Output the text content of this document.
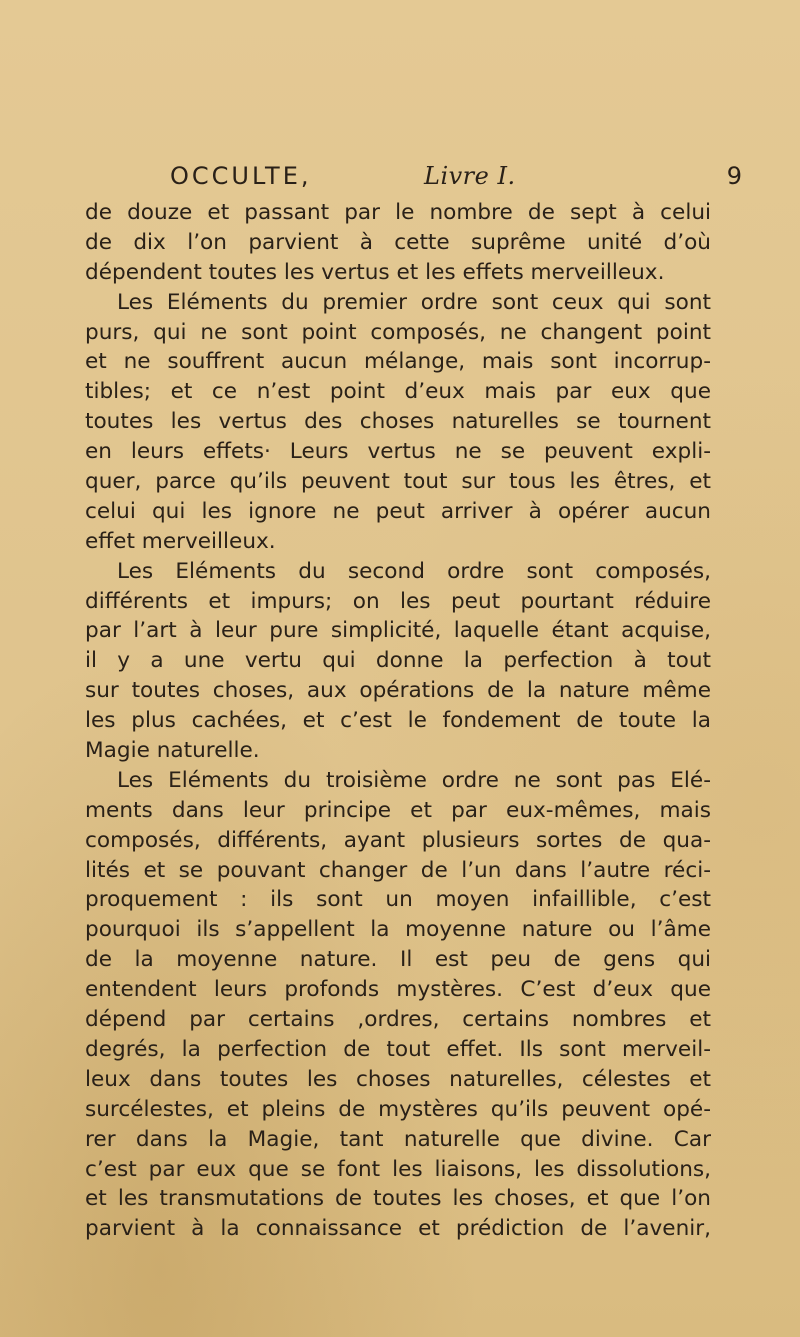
OCCULTE,	Livre I.	9
de douze et passant par le nombre de sept à celui
de dix l’on parvient à cette suprême unité d’où
dépendent toutes les vertus et les effets merveilleux.
Les Eléments du premier ordre sont ceux qui sont
purs, qui ne sont point composés, ne changent point
et ne souffrent aucun mélange, mais sont incorrup-
tibles; et ce n’est point d’eux mais par eux que
toutes les vertus des choses naturelles se tournent
en leurs effets· Leurs vertus ne se peuvent expli-
quer, parce qu’ils peuvent tout sur tous les êtres, et
celui qui les ignore ne peut arriver à opérer aucun
effet merveilleux.
Les Eléments du second ordre sont composés,
différents et impurs; on les peut pourtant réduire
par l’art à leur pure simplicité, laquelle étant acquise,
il y a une vertu qui donne la perfection à tout
sur toutes choses, aux opérations de la nature même
les plus cachées, et c’est le fondement de toute la
Magie naturelle.
Les Eléments du troisième ordre ne sont pas Elé-
ments dans leur principe et par eux-mêmes, mais
composés, différents, ayant plusieurs sortes de qua-
lités et se pouvant changer de l’un dans l’autre réci-
proquement : ils sont un moyen infaillible, c’est
pourquoi ils s’appellent la moyenne nature ou l’âme
de la moyenne nature. Il est peu de gens qui
entendent leurs profonds mystères. C’est d’eux que
dépend par certains ,ordres, certains nombres et
degrés, la perfection de tout effet. Ils sont merveil-
leux dans toutes les choses naturelles, célestes et
surcélestes, et pleins de mystères qu’ils peuvent opé-
rer dans la Magie, tant naturelle que divine. Car
c’est par eux que se font les liaisons, les dissolutions,
et les transmutations de toutes les choses, et que l’on
parvient à la connaissance et prédiction de l’avenir,
